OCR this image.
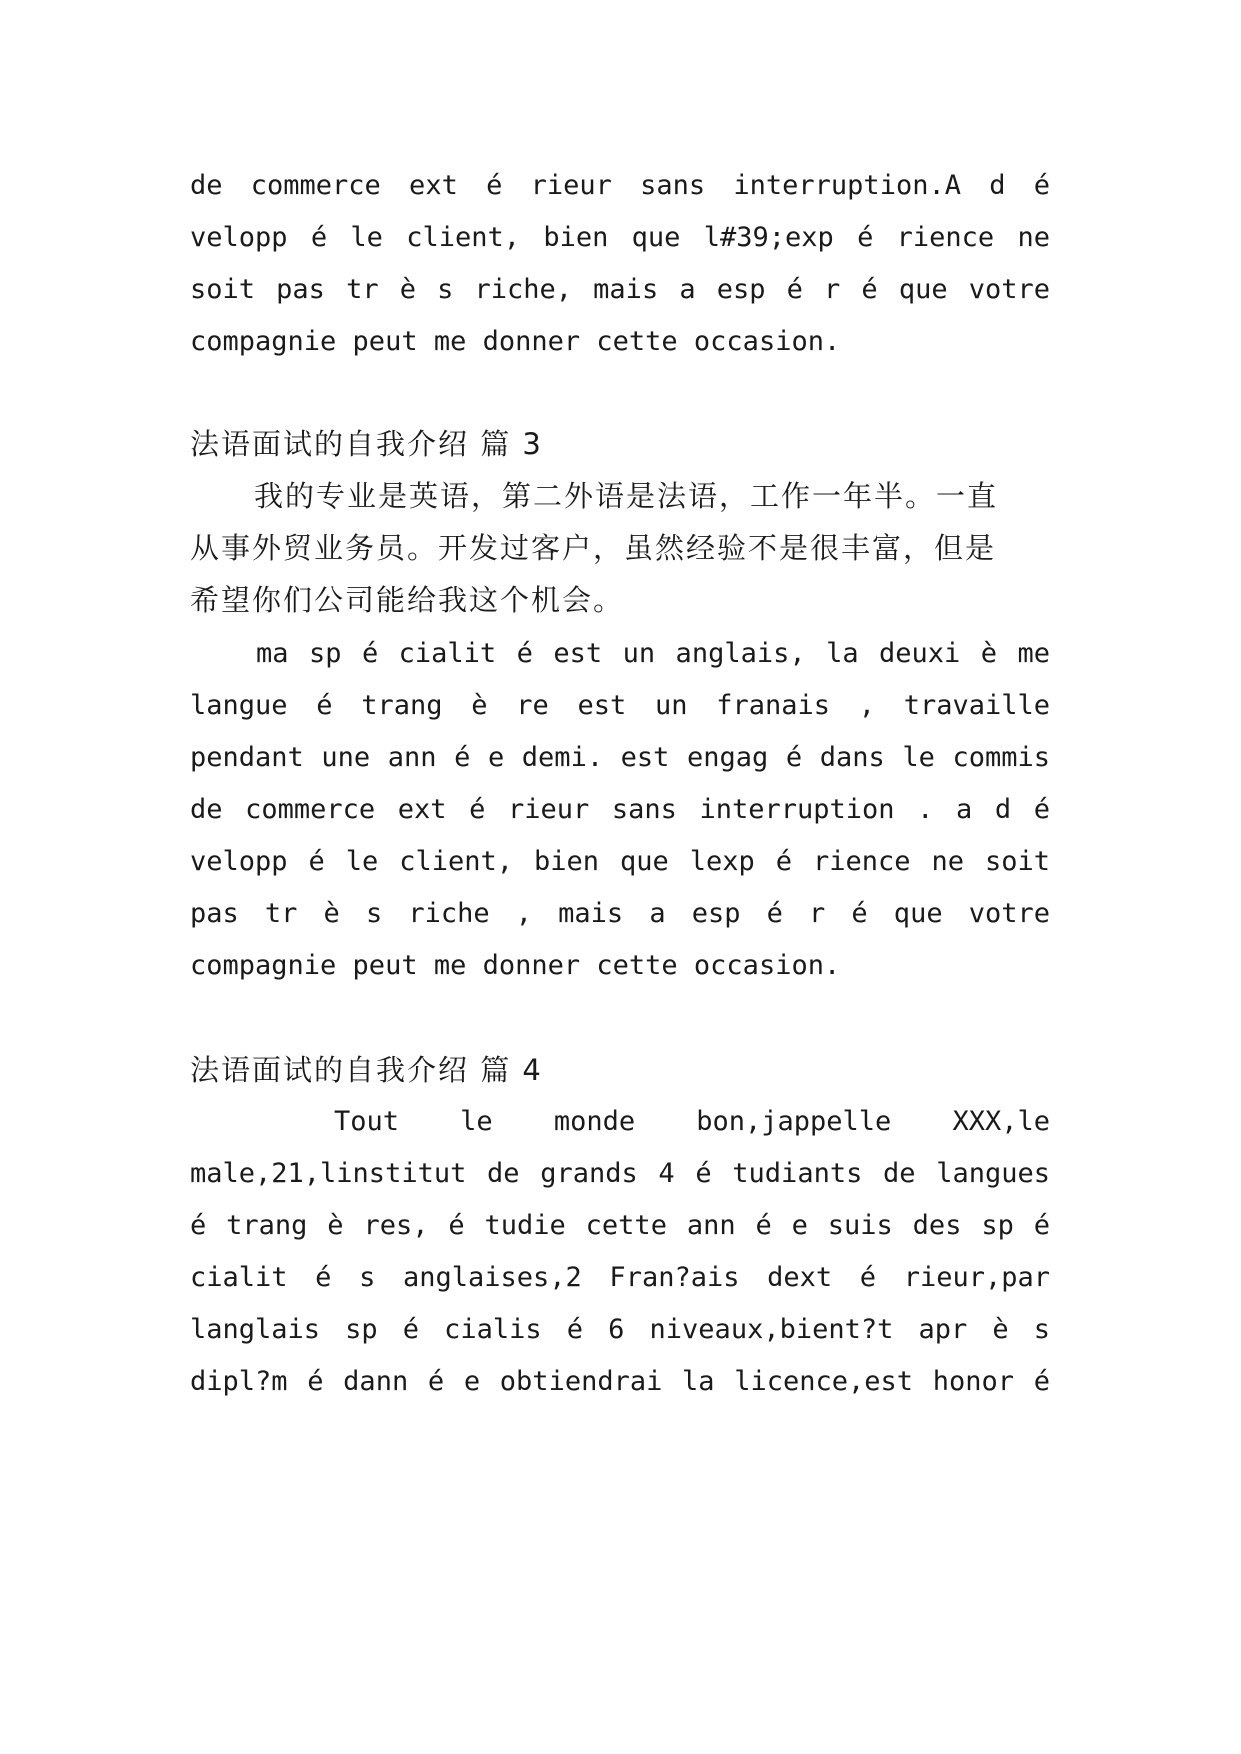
de commerce ext é rieur sans interruption.A d é
velopp é le client, bien que l#39;exp é rience ne
soit pas tr è s riche, mais a esp é r é que votre
compagnie peut me donner cette occasion.
法语面试的自我介绍 篇 3
我的专业是英语，第二外语是法语，工作一年半。一直
从事外贸业务员。开发过客户，虽然经验不是很丰富，但是
希望你们公司能给我这个机会。
ma sp é cialit é est un anglais, la deuxi è me
langue é trang è re est un franais , travaille
pendant une ann é e demi. est engag é dans le commis
de commerce ext é rieur sans interruption . a d é
velopp é le client, bien que lexp é rience ne soit
pas tr è s riche , mais a esp é r é que votre
compagnie peut me donner cette occasion.
法语面试的自我介绍 篇 4
Tout le monde bon,jappelle XXX,le
male,21,linstitut de grands 4 é tudiants de langues
é trang è res, é tudie cette ann é e suis des sp é
cialit é s anglaises,2 Fran?ais dext é rieur,par
langlais sp é cialis é 6 niveaux,bient?t apr è s
dipl?m é dann é e obtiendrai la licence,est honor é
